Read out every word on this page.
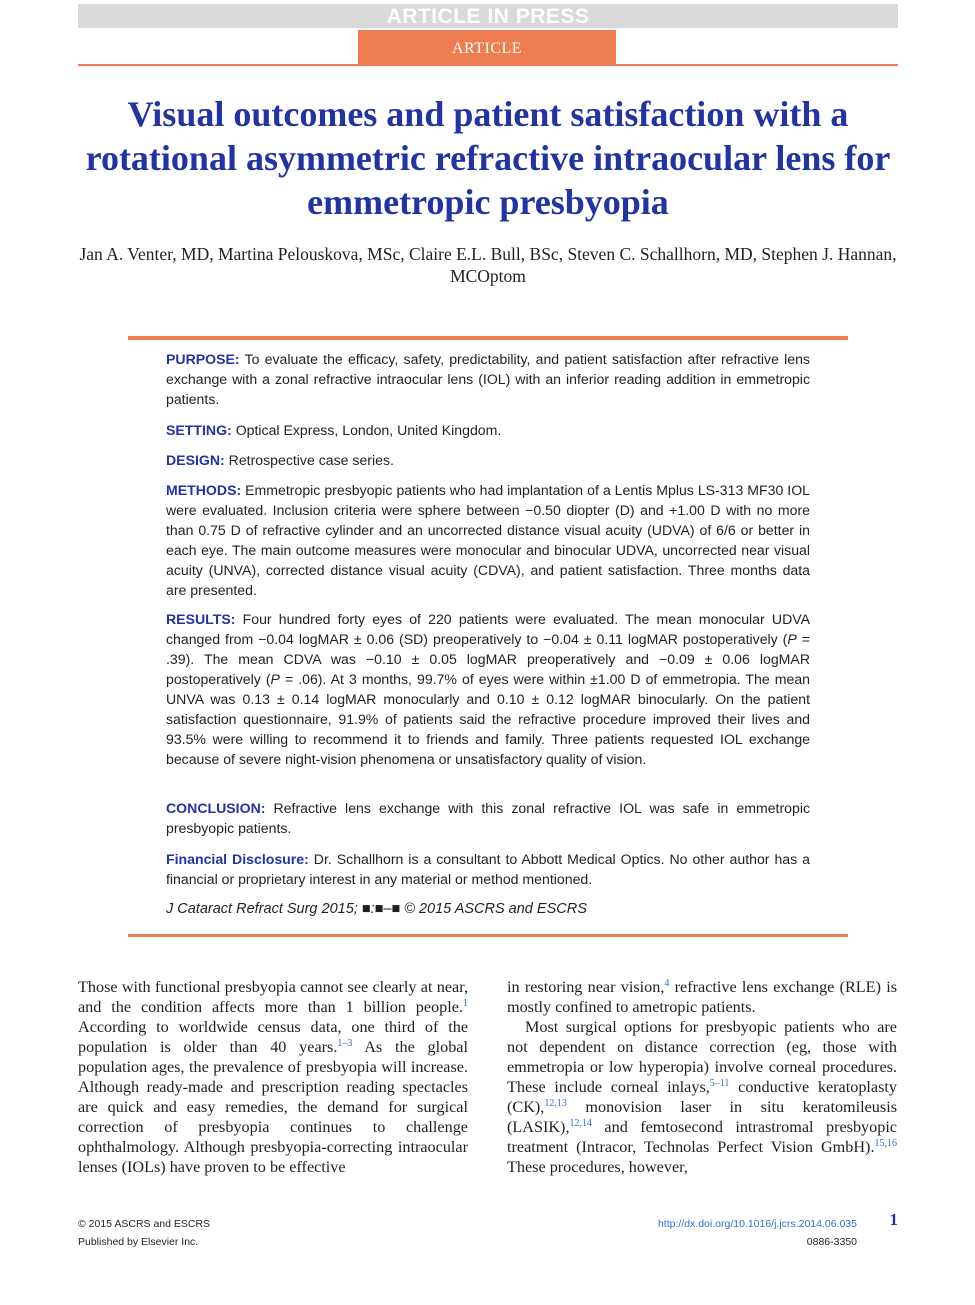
ARTICLE IN PRESS
ARTICLE
Visual outcomes and patient satisfaction with a rotational asymmetric refractive intraocular lens for emmetropic presbyopia
Jan A. Venter, MD, Martina Pelouskova, MSc, Claire E.L. Bull, BSc, Steven C. Schallhorn, MD, Stephen J. Hannan, MCOptom
PURPOSE: To evaluate the efficacy, safety, predictability, and patient satisfaction after refractive lens exchange with a zonal refractive intraocular lens (IOL) with an inferior reading addition in emmetropic patients.
SETTING: Optical Express, London, United Kingdom.
DESIGN: Retrospective case series.
METHODS: Emmetropic presbyopic patients who had implantation of a Lentis Mplus LS-313 MF30 IOL were evaluated. Inclusion criteria were sphere between −0.50 diopter (D) and +1.00 D with no more than 0.75 D of refractive cylinder and an uncorrected distance visual acuity (UDVA) of 6/6 or better in each eye. The main outcome measures were monocular and binocular UDVA, uncorrected near visual acuity (UNVA), corrected distance visual acuity (CDVA), and patient satisfaction. Three months data are presented.
RESULTS: Four hundred forty eyes of 220 patients were evaluated. The mean monocular UDVA changed from −0.04 logMAR ± 0.06 (SD) preoperatively to −0.04 ± 0.11 logMAR postoperatively (P = .39). The mean CDVA was −0.10 ± 0.05 logMAR preoperatively and −0.09 ± 0.06 logMAR postoperatively (P = .06). At 3 months, 99.7% of eyes were within ±1.00 D of emmetropia. The mean UNVA was 0.13 ± 0.14 logMAR monocularly and 0.10 ± 0.12 logMAR binocularly. On the patient satisfaction questionnaire, 91.9% of patients said the refractive procedure improved their lives and 93.5% were willing to recommend it to friends and family. Three patients requested IOL exchange because of severe night-vision phenomena or unsatisfactory quality of vision.
CONCLUSION: Refractive lens exchange with this zonal refractive IOL was safe in emmetropic presbyopic patients.
Financial Disclosure: Dr. Schallhorn is a consultant to Abbott Medical Optics. No other author has a financial or proprietary interest in any material or method mentioned.
J Cataract Refract Surg 2015; ■:■–■ © 2015 ASCRS and ESCRS
Those with functional presbyopia cannot see clearly at near, and the condition affects more than 1 billion people.$^1$ According to worldwide census data, one third of the population is older than 40 years.$^{1-3}$ As the global population ages, the prevalence of presbyopia will increase. Although ready-made and prescription reading spectacles are quick and easy remedies, the demand for surgical correction of presbyopia continues to challenge ophthalmology. Although presbyopia-correcting intraocular lenses (IOLs) have proven to be effective
in restoring near vision,$^4$ refractive lens exchange (RLE) is mostly confined to ametropic patients.
Most surgical options for presbyopic patients who are not dependent on distance correction (eg, those with emmetropia or low hyperopia) involve corneal procedures. These include corneal inlays,$^{5-11}$ conductive keratoplasty (CK),$^{12,13}$ monovision laser in situ keratomileusis (LASIK),$^{12,14}$ and femtosecond intrastromal presbyopic treatment (Intracor, Technolas Perfect Vision GmbH).$^{15,16}$ These procedures, however,
© 2015 ASCRS and ESCRS
Published by Elsevier Inc.
http://dx.doi.org/10.1016/j.jcrs.2014.06.035
0886-3350
1
